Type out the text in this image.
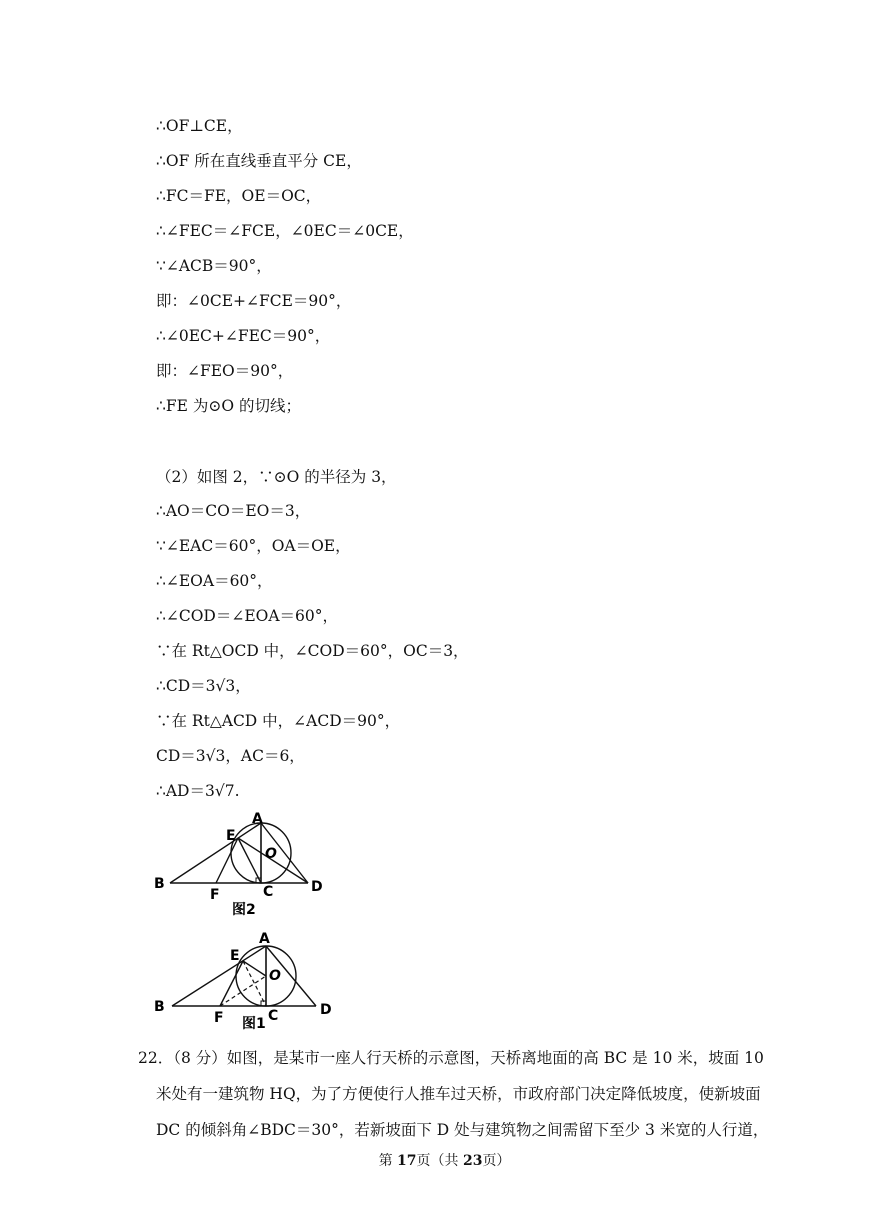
∴OF⊥CE，
∴OF 所在直线垂直平分 CE，
∴FC＝FE，OE＝OC，
∴∠FEC＝∠FCE，∠0EC＝∠0CE，
∵∠ACB＝90°，
即：∠0CE+∠FCE＝90°，
∴∠0EC+∠FEC＝90°，
即：∠FEO＝90°，
∴FE 为⊙O 的切线；
（2）如图 2，∵⊙O 的半径为 3，
∴AO＝CO＝EO＝3，
∵∠EAC＝60°，OA＝OE，
∴∠EOA＝60°，
∴∠COD＝∠EOA＝60°，
∵在 Rt△OCD 中，∠COD＝60°，OC＝3，
∴CD＝3√3，
∵在 Rt△ACD 中，∠ACD＝90°，
CD＝3√3，AC＝6，
∴AD＝3√7.
A
E
O
B
F	C	D
图2
A
E
O
B
F	C	D
图1
22．（8 分）如图，是某市一座人行天桥的示意图，天桥离地面的高 BC 是 10 米，坡面 10
米处有一建筑物 HQ，为了方便使行人推车过天桥，市政府部门决定降低坡度，使新坡面
DC 的倾斜角∠BDC＝30°，若新坡面下 D 处与建筑物之间需留下至少 3 米宽的人行道，
第 17页（共 23页）
